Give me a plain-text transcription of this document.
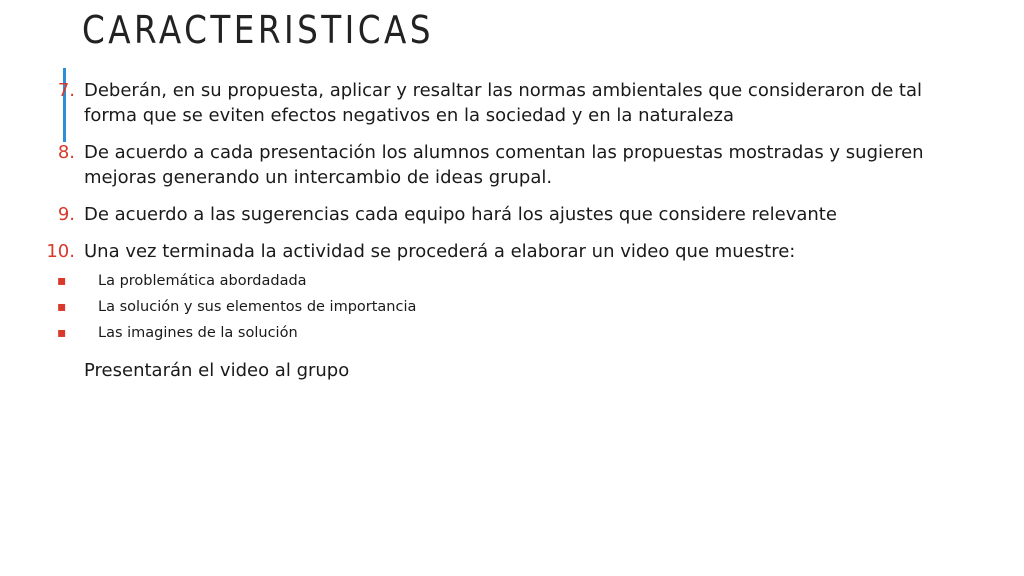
CARACTERISTICAS
7. Deberán, en su propuesta, aplicar y resaltar las normas ambientales que consideraron de tal forma que se eviten efectos negativos en la sociedad y en la naturaleza
8. De acuerdo a cada presentación los alumnos comentan las propuestas mostradas y sugieren mejoras generando un intercambio de ideas grupal.
9. De acuerdo a las sugerencias cada equipo hará los ajustes que considere relevante
10. Una vez terminada la actividad se procederá a elaborar un video que muestre:
▪ La problemática abordadada
▪ La solución y sus elementos de importancia
▪ Las imagines de la solución
Presentarán el video al grupo
